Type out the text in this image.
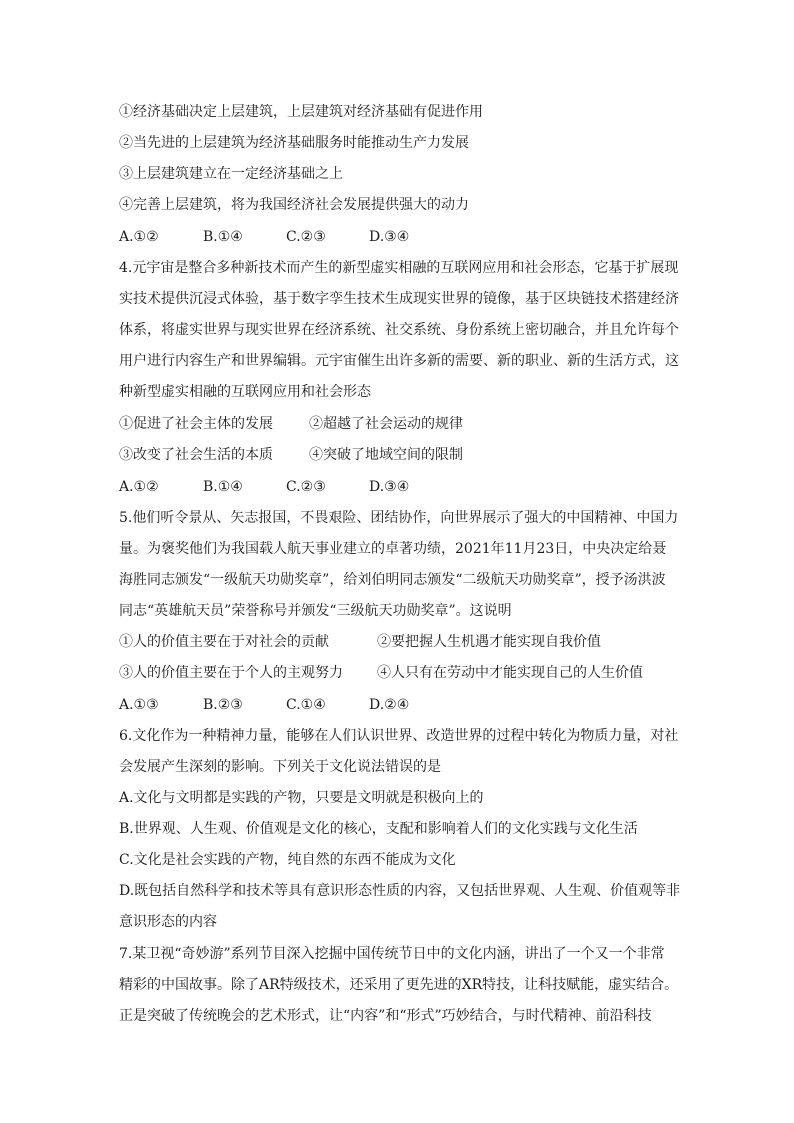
①经济基础决定上层建筑，上层建筑对经济基础有促进作用
②当先进的上层建筑为经济基础服务时能推动生产力发展
③上层建筑建立在一定经济基础之上
④完善上层建筑，将为我国经济社会发展提供强大的动力
A.①②	B.①④	C.②③	D.③④
4.元宇宙是整合多种新技术而产生的新型虚实相融的互联网应用和社会形态，它基于扩展现
实技术提供沉浸式体验，基于数字孪生技术生成现实世界的镜像，基于区块链技术搭建经济
体系，将虚实世界与现实世界在经济系统、社交系统、身份系统上密切融合，并且允许每个
用户进行内容生产和世界编辑。元宇宙催生出许多新的需要、新的职业、新的生活方式，这
种新型虚实相融的互联网应用和社会形态
①促进了社会主体的发展	②超越了社会运动的规律
③改变了社会生活的本质	④突破了地域空间的限制
A.①②	B.①④	C.②③	D.③④
5.他们听令景从、矢志报国，不畏艰险、团结协作，向世界展示了强大的中国精神、中国力
量。为褒奖他们为我国载人航天事业建立的卓著功绩，2021年11月23日，中央决定给聂
海胜同志颁发“一级航天功勋奖章”，给刘伯明同志颁发“二级航天功勋奖章”，授予汤洪波
同志“英雄航天员”荣誉称号并颁发“三级航天功勋奖章”。这说明
①人的价值主要在于对社会的贡献	②要把握人生机遇才能实现自我价值
③人的价值主要在于个人的主观努力 ④人只有在劳动中才能实现自己的人生价值
A.①③	B.②③	C.①④	D.②④
6.文化作为一种精神力量，能够在人们认识世界、改造世界的过程中转化为物质力量，对社
会发展产生深刻的影响。下列关于文化说法错误的是
A.文化与文明都是实践的产物，只要是文明就是积极向上的
B.世界观、人生观、价值观是文化的核心，支配和影响着人们的文化实践与文化生活
C.文化是社会实践的产物，纯自然的东西不能成为文化
D.既包括自然科学和技术等具有意识形态性质的内容，又包括世界观、人生观、价值观等非
意识形态的内容
7.某卫视“奇妙游”系列节目深入挖掘中国传统节日中的文化内涵，讲出了一个又一个非常
精彩的中国故事。除了AR特级技术，还采用了更先进的XR特技，让科技赋能，虚实结合。
正是突破了传统晚会的艺术形式，让“内容”和“形式”巧妙结合，与时代精神、前沿科技
